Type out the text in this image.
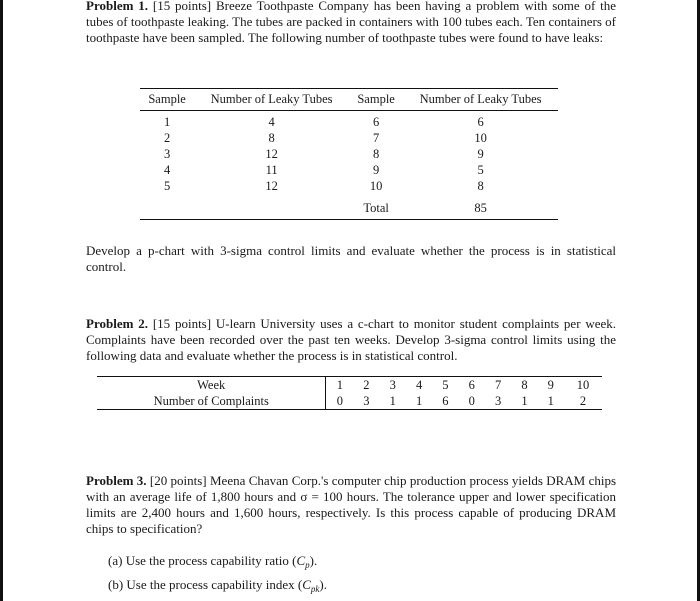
Problem 1. [15 points] Breeze Toothpaste Company has been having a problem with some of the tubes of toothpaste leaking. The tubes are packed in containers with 100 tubes each. Ten containers of toothpaste have been sampled. The following number of toothpaste tubes were found to have leaks:

Sample	Number of Leaky Tubes	Sample	Number of Leaky Tubes
1	4	6	6
2	8	7	10
3	12	8	9
4	11	9	5
5	12	10	8
		Total	85

Develop a p-chart with 3-sigma control limits and evaluate whether the process is in statistical control.

Problem 2. [15 points] U-learn University uses a c-chart to monitor student complaints per week. Complaints have been recorded over the past ten weeks. Develop 3-sigma control limits using the following data and evaluate whether the process is in statistical control.

Week	1	2	3	4	5	6	7	8	9	10
Number of Complaints	0	3	1	1	6	0	3	1	1	2

Problem 3. [20 points] Meena Chavan Corp.'s computer chip production process yields DRAM chips with an average life of 1,800 hours and σ = 100 hours. The tolerance upper and lower specification limits are 2,400 hours and 1,600 hours, respectively. Is this process capable of producing DRAM chips to specification?

(a) Use the process capability ratio $(C_p)$.
(b) Use the process capability index $(C_{pk})$.
